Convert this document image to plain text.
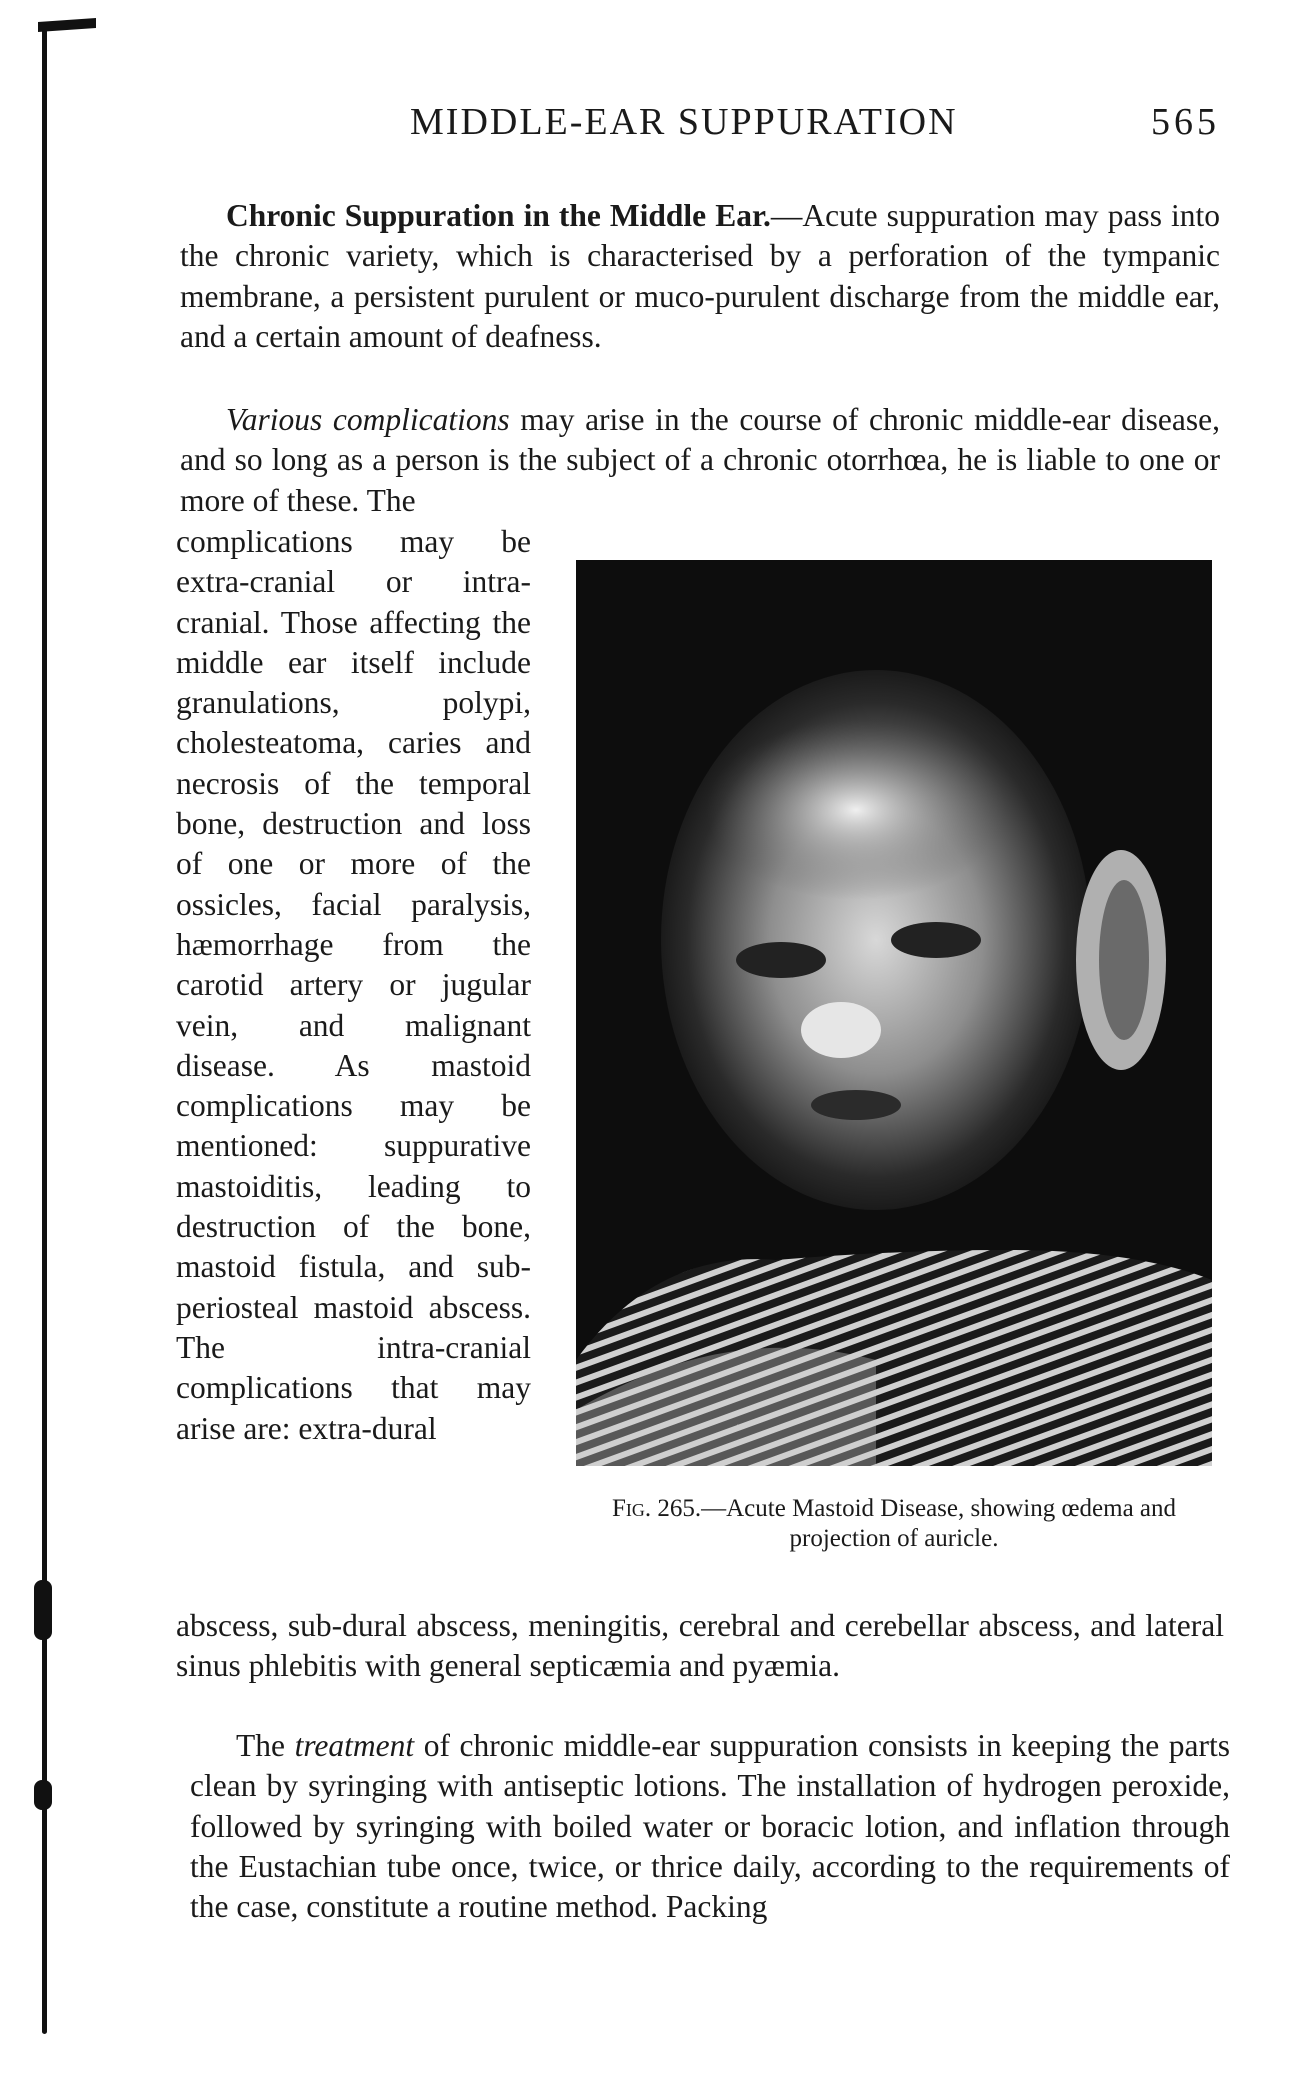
MIDDLE-EAR SUPPURATION	565

Chronic Suppuration in the Middle Ear.—Acute suppuration may pass into the chronic variety, which is characterised by a perforation of the tympanic membrane, a persistent purulent or muco-purulent discharge from the middle ear, and a certain amount of deafness.

Various complications may arise in the course of chronic middle-ear disease, and so long as a person is the subject of a chronic otorrhœa, he is liable to one or more of these. The

complications may be extra-cranial or intra-cranial. Those affecting the middle ear itself include granulations, polypi, cholesteatoma, caries and necrosis of the temporal bone, destruction and loss of one or more of the ossicles, facial paralysis, hæmorrhage from the carotid artery or jugular vein, and malignant disease. As mastoid complications may be mentioned: suppurative mastoiditis, leading to destruction of the bone, mastoid fistula, and sub-periosteal mastoid abscess. The intra-cranial complications that may arise are: extra-dural

Fig. 265.—Acute Mastoid Disease, showing œdema and projection of auricle.

abscess, sub-dural abscess, meningitis, cerebral and cerebellar abscess, and lateral sinus phlebitis with general septicæmia and pyæmia.

The treatment of chronic middle-ear suppuration consists in keeping the parts clean by syringing with antiseptic lotions. The installation of hydrogen peroxide, followed by syringing with boiled water or boracic lotion, and inflation through the Eustachian tube once, twice, or thrice daily, according to the requirements of the case, constitute a routine method. Packing
